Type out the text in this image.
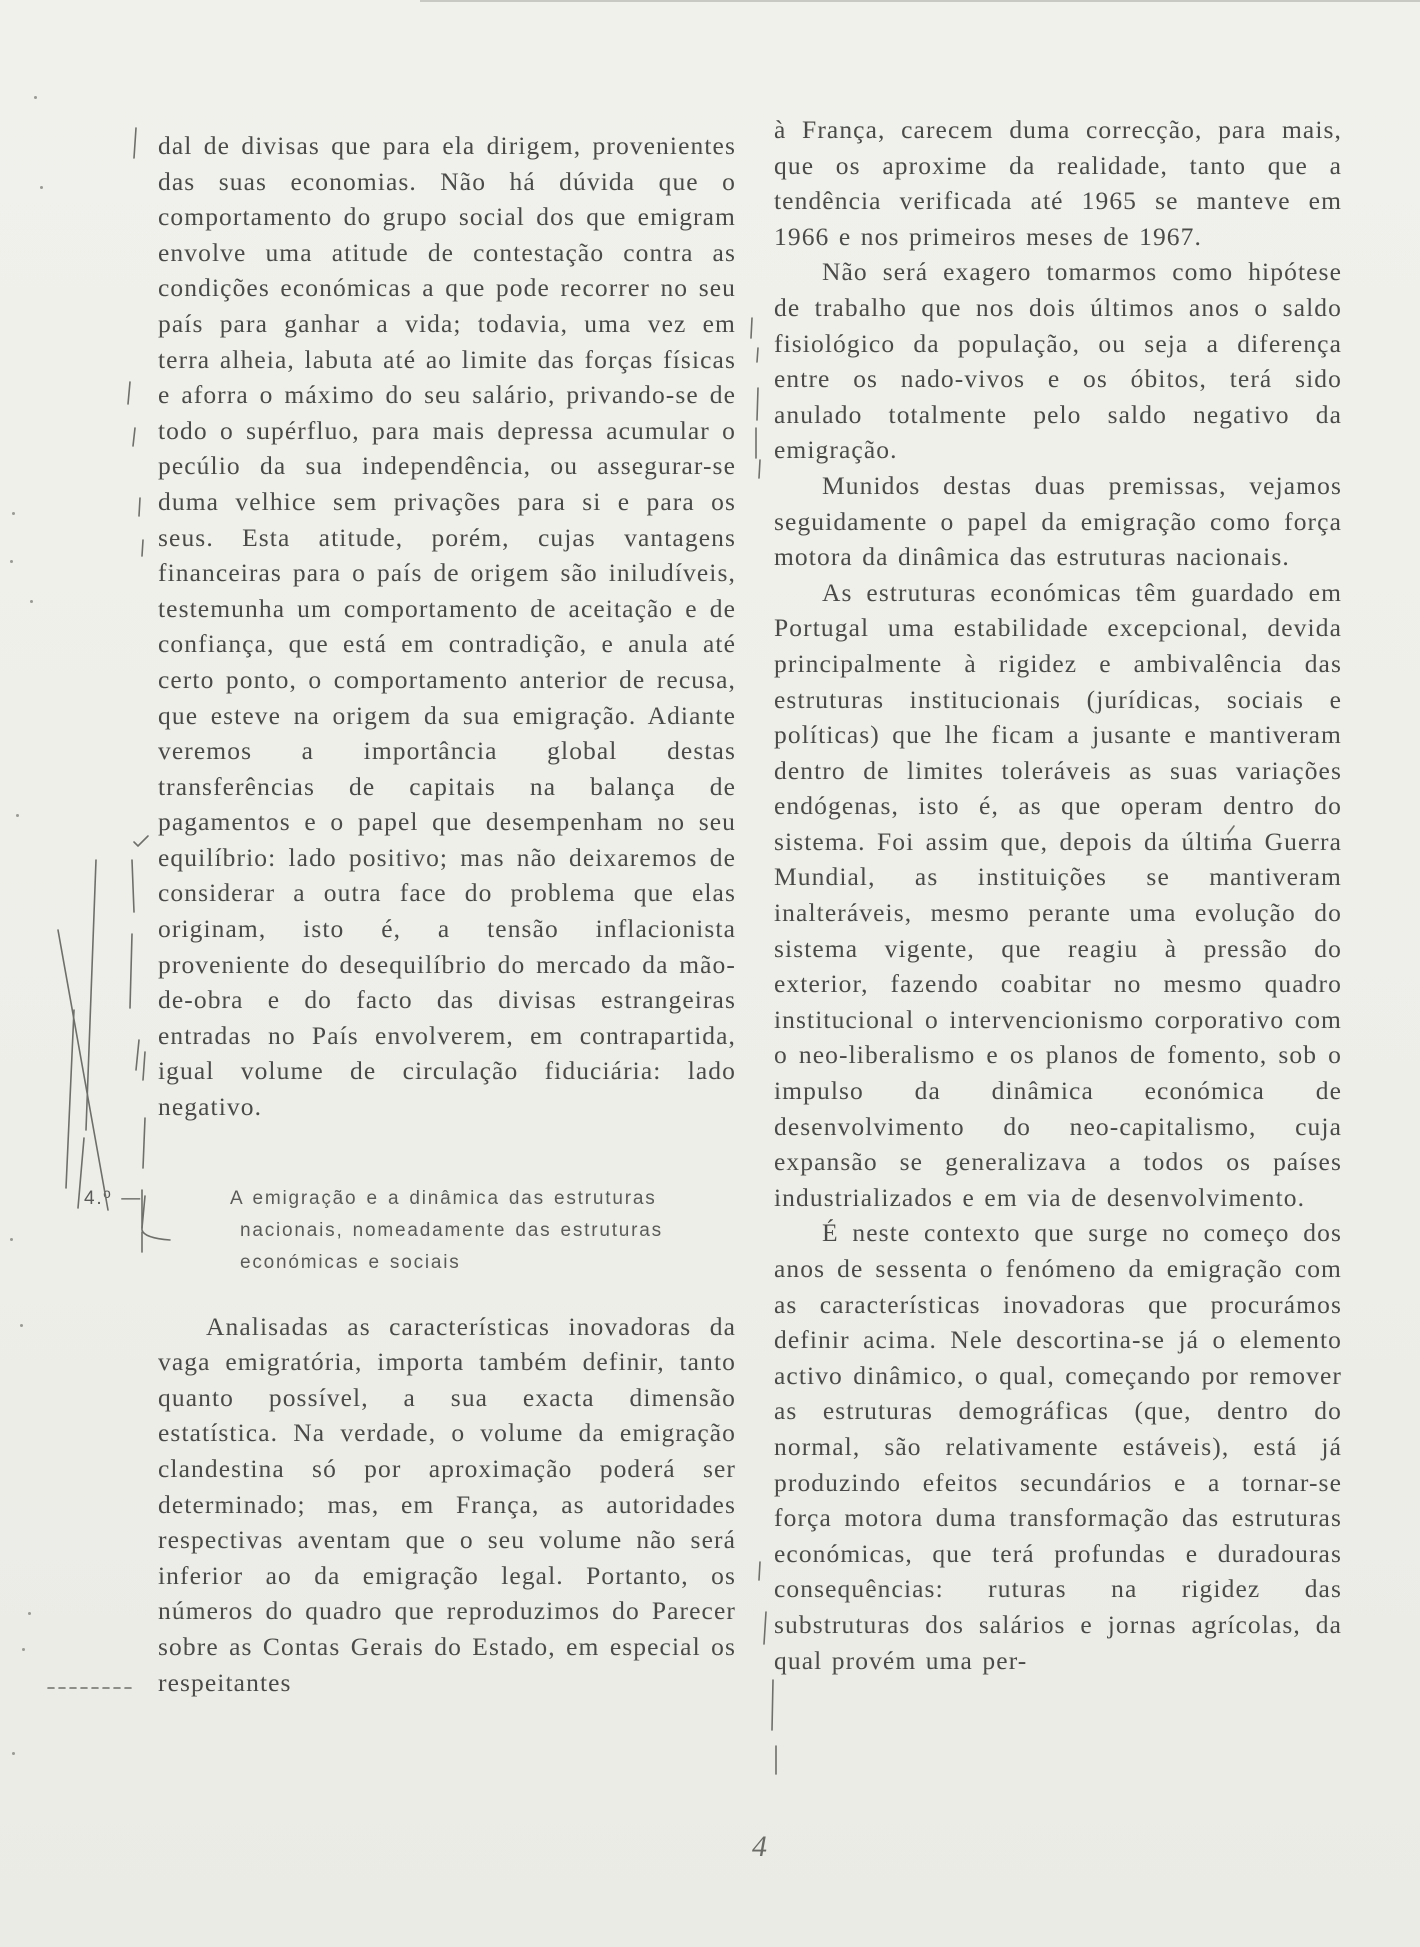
dal de divisas que para ela dirigem, provenientes das suas economias. Não há dúvida que o comportamento do grupo social dos que emigram envolve uma atitude de contestação contra as condições económicas a que pode recorrer no seu país para ganhar a vida; todavia, uma vez em terra alheia, labuta até ao limite das forças físicas e aforra o máximo do seu salário, privando-se de todo o supérfluo, para mais depressa acumular o pecúlio da sua independência, ou assegurar-se duma velhice sem privações para si e para os seus. Esta atitude, porém, cujas vantagens financeiras para o país de origem são iniludíveis, testemunha um comportamento de aceitação e de confiança, que está em contradição, e anula até certo ponto, o comportamento anterior de recusa, que esteve na origem da sua emigração. Adiante veremos a importância global destas transferências de capitais na balança de pagamentos e o papel que desempenham no seu equilíbrio: lado positivo; mas não deixaremos de considerar a outra face do problema que elas originam, isto é, a tensão inflacionista proveniente do desequilíbrio do mercado da mão-de-obra e do facto das divisas estrangeiras entradas no País envolverem, em contrapartida, igual volume de circulação fiduciária: lado negativo.

4.º —	A emigração e a dinâmica das estruturas
nacionais, nomeadamente das estruturas
económicas e sociais

Analisadas as características inovadoras da vaga emigratória, importa também definir, tanto quanto possível, a sua exacta dimensão estatística. Na verdade, o volume da emigração clandestina só por aproximação poderá ser determinado; mas, em França, as autoridades respectivas aventam que o seu volume não será inferior ao da emigração legal. Portanto, os números do quadro que reproduzimos do Parecer sobre as Contas Gerais do Estado, em especial os respeitantes

à França, carecem duma correcção, para mais, que os aproxime da realidade, tanto que a tendência verificada até 1965 se manteve em 1966 e nos primeiros meses de 1967.

Não será exagero tomarmos como hipótese de trabalho que nos dois últimos anos o saldo fisiológico da população, ou seja a diferença entre os nado-vivos e os óbitos, terá sido anulado totalmente pelo saldo negativo da emigração.

Munidos destas duas premissas, vejamos seguidamente o papel da emigração como força motora da dinâmica das estruturas nacionais.

As estruturas económicas têm guardado em Portugal uma estabilidade excepcional, devida principalmente à rigidez e ambivalência das estruturas institucionais (jurídicas, sociais e políticas) que lhe ficam a jusante e mantiveram dentro de limites toleráveis as suas variações endógenas, isto é, as que operam dentro do sistema. Foi assim que, depois da última Guerra Mundial, as instituições se mantiveram inalteráveis, mesmo perante uma evolução do sistema vigente, que reagiu à pressão do exterior, fazendo coabitar no mesmo quadro institucional o intervencionismo corporativo com o neo-liberalismo e os planos de fomento, sob o impulso da dinâmica económica de desenvolvimento do neo-capitalismo, cuja expansão se generalizava a todos os países industrializados e em via de desenvolvimento.

É neste contexto que surge no começo dos anos de sessenta o fenómeno da emigração com as características inovadoras que procurámos definir acima. Nele descortina-se já o elemento activo dinâmico, o qual, começando por remover as estruturas demográficas (que, dentro do normal, são relativamente estáveis), está já produzindo efeitos secundários e a tornar-se força motora duma transformação das estruturas económicas, que terá profundas e duradouras consequências: ruturas na rigidez das substruturas dos salários e jornas agrícolas, da qual provém uma per-

4
